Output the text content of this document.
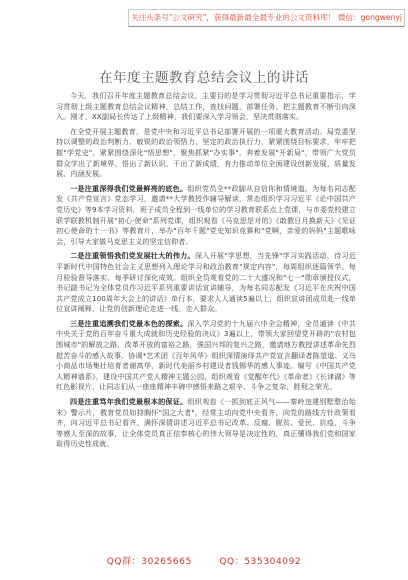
关注头条号"公文研究"，获得最新最全最专业的公文资料库！ 微信：gongwenyj
在年度主题教育总结会议上的讲话

今天，我们召开年度主题教育总结会议，主要目的是学习贯彻习近平总书记重要指示，学习贯彻上级主题教育总结会议精神，总结工作，查找问题，部署任务，把主题教育不断引向深入。刚才，XX副局长传达了上级精神，我们要深入学习领会，坚决贯彻落实。

在全党开展主题教育，是党中央和习近平总书记部署开展的一项重大教育活动。局党委坚持以调整的政治判断力、敏锐的政治领悟力、坚定的政治执行力，紧紧围绕目标要求，牢牢把握"学党史"，紧紧围绕深化"悟思想"，聚焦抓紧"办实事"，奔着发展"开新局"，带领广大党员群众学出了新境界、悟出了新认识、干出了新成绩，有力推动单位全面建设创新发展、质量发展、内涵发展。

一是注重深得我们党最鲜亮的底色。组织党员全**政脚从自信你和情境道。为每名同志配发《共产党宣言》党态学习，邀请**大学教授作辅导解读，常态组织学习习近平《论中国共产党历史》等9本学习资料，班子成员全程到一线单位的学习教育联系点上党课，与市委党校建立联学联教机制开展"初心·使命"系列党课，组织观看《马克思是对的》《敢教日月换新天》《见证初心使命的十一书》等教育片，举办"百年千题"党史知识竞赛和"党啊，亲爱的妈妈"主题歌咏会，引导大家做马克思主义的坚定信仰者。

二是注重领悟我们党发展壮大的伟力。深入开展"学思想，当先锋"学习实践活动，待习近平新时代中国特色社会主义思想列入理论学习和政治教育"规定内容"，每周组织逐篇领学、每月检验督导落实、每季研讨深化成效。组织全员观看党的二十大盛况和"七一"勋章颁授仪式，书记副书记为全体党员作习近平系列重要讲话宣讲辅导，为每名同志配发《习近平在庆祝中国共产党成立100周年大会上的讲话》单行本，要求人人通读5遍以上，组织宣讲团成员赴一线单位宣讲阐释，让党的创新理论走进一线、走入群众。

三是注重追溯我们党最本色的探索。深入学习党的十九届六中全会精神，全员通读《中共中央关于党的百年奋斗重大成就和历史经验的决议》3遍以上，带领大家回望党开辟的"农村包围城市"的解放之路、改革开放的富裕之路，强国兴邦的复兴之路，邀请地方教授讲述革命先烈挺苦奋斗的感人故事。协调*艺术团《百年风华》组织深情演绎共产党宣言翻译者陈望道、义乌小商品市场集壮培育者谢高华，新时代美丽乡村建设者钱锡华的感人事迹。编写《中国共产党人精神谱系》，建设中国共产党人精神主题公园，组织观看《觉醒年代》《革命者》《长津湖》等红色影视片，让同志们从一座座精神丰碑中感悟来路之艰辛、斗争之复杂、胜利之荣光。

四是注重笃年我们党最根本的保证。组织观看《一抓到底正风气——秦岭违建别墅整治始末》警示片，教育党员如持胸怀"国之大者"，经常主动向党中央看齐，向党的路线方针政策看齐，向习近平总书记看齐。满怀深情讲述习近平总书记改革、反腐、脱贫、爱民、抗疫、斗争等感人至深的故事，让全体党员真正信奉核心的伟大领导是决定性的，真正懂得我们党和国家取得历史性成就、

QQ群：30265665	QQ：535304092
